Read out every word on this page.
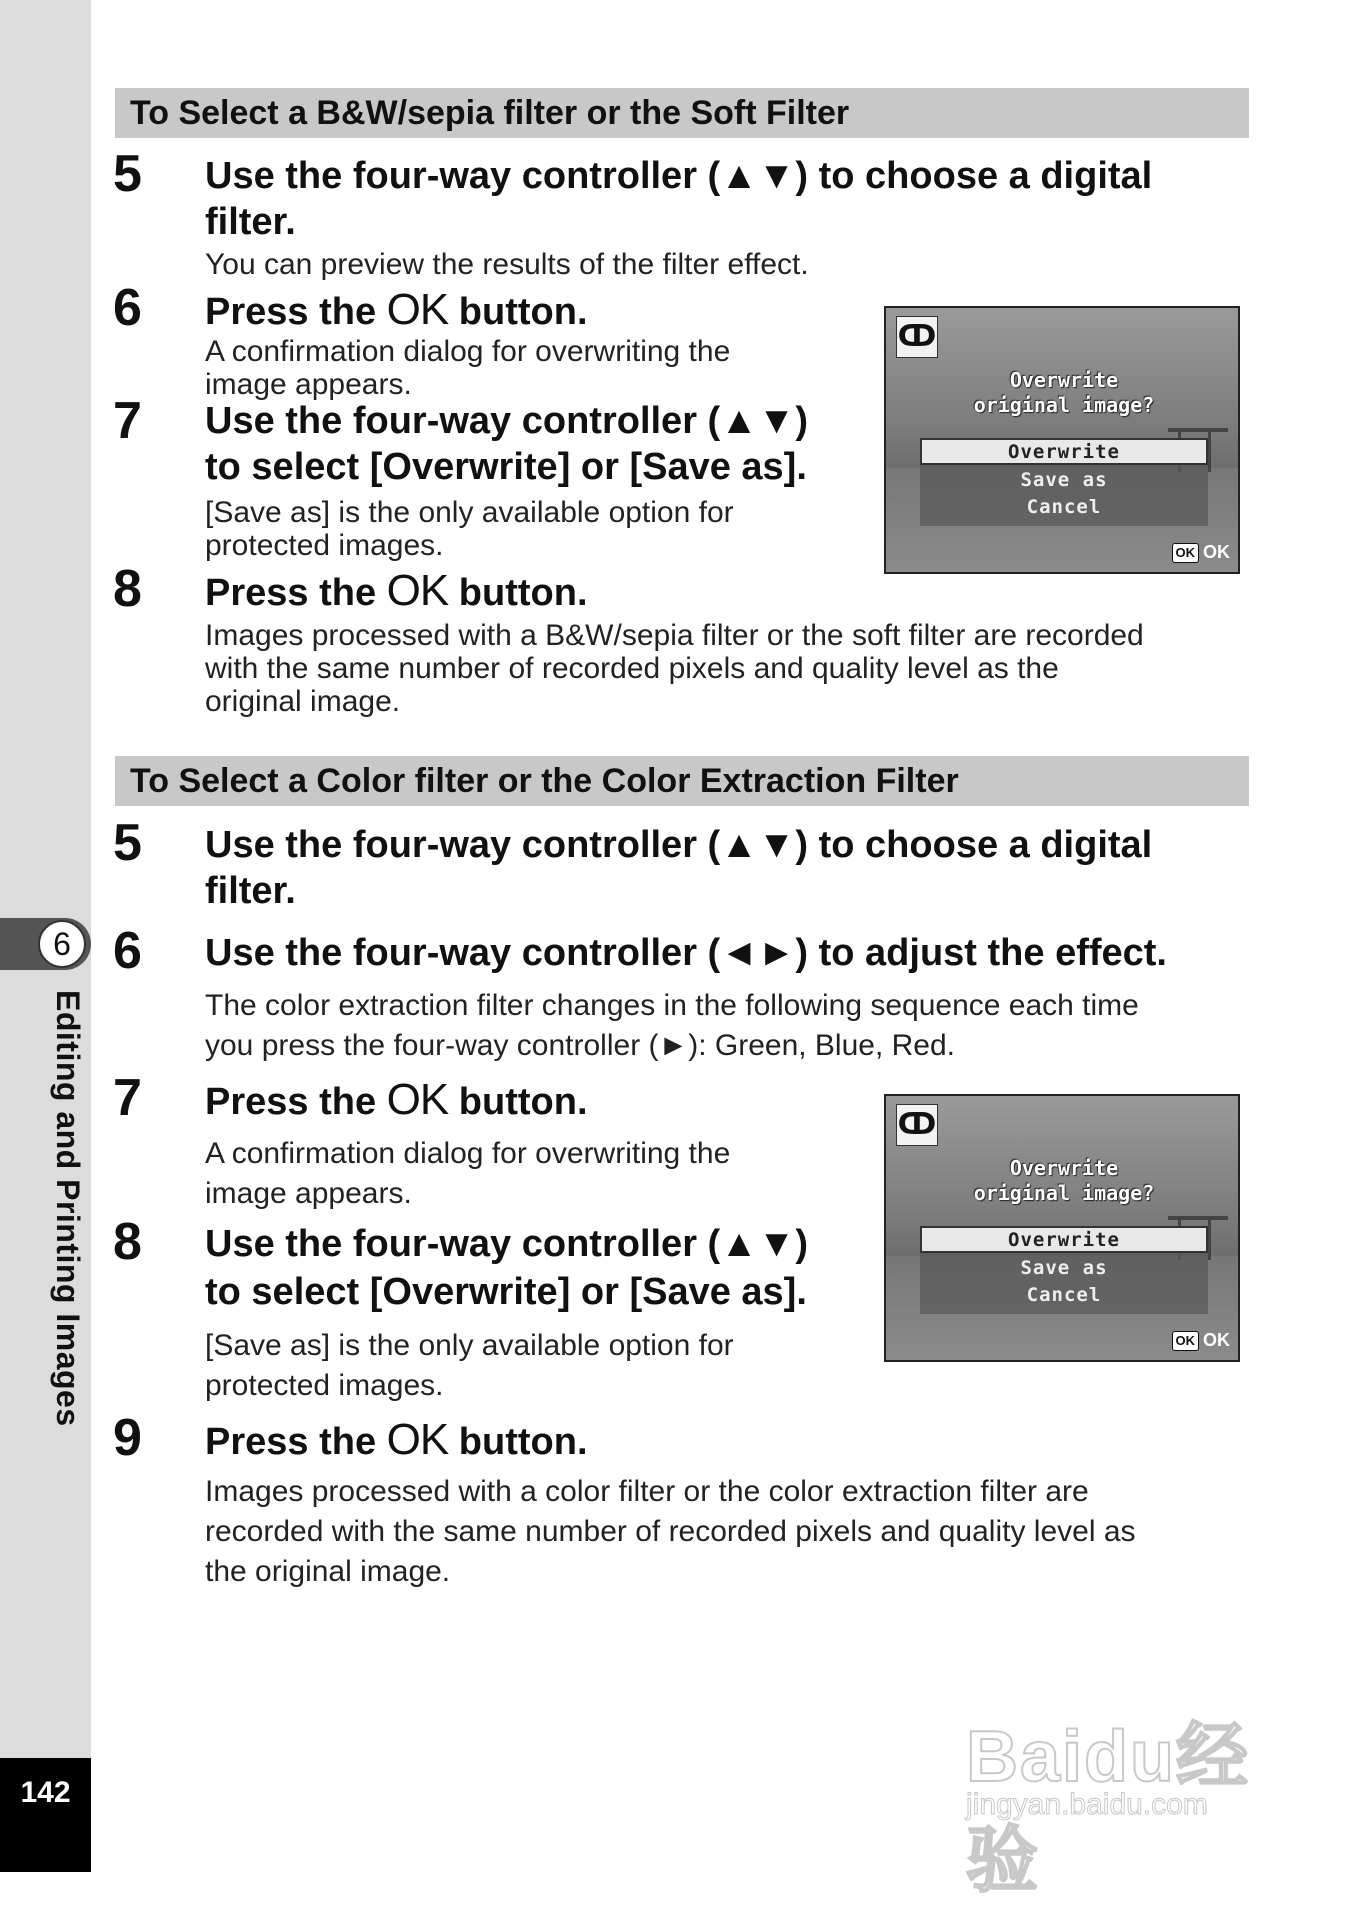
6
Editing and Printing Images
142
To Select a B&W/sepia filter or the Soft Filter
5 Use the four-way controller (▲▼) to choose a digital
filter.
You can preview the results of the filter effect.
6 Press the OK button.
A confirmation dialog for overwriting the
image appears.
7 Use the four-way controller (▲▼)
to select [Overwrite] or [Save as].
[Save as] is the only available option for
protected images.
8 Press the OK button.
Images processed with a B&W/sepia filter or the soft filter are recorded
with the same number of recorded pixels and quality level as the
original image.
ↀ
Overwrite
original image?
Overwrite
Save as
Cancel
OK OK
To Select a Color filter or the Color Extraction Filter
5 Use the four-way controller (▲▼) to choose a digital
filter.
6 Use the four-way controller (◄►) to adjust the effect.
The color extraction filter changes in the following sequence each time
you press the four-way controller (►): Green, Blue, Red.
7 Press the OK button.
A confirmation dialog for overwriting the
image appears.
8 Use the four-way controller (▲▼)
to select [Overwrite] or [Save as].
[Save as] is the only available option for
protected images.
9 Press the OK button.
Images processed with a color filter or the color extraction filter are
recorded with the same number of recorded pixels and quality level as
the original image.
ↀ
Overwrite
original image?
Overwrite
Save as
Cancel
OK OK
Baidu经验
jingyan.baidu.com
